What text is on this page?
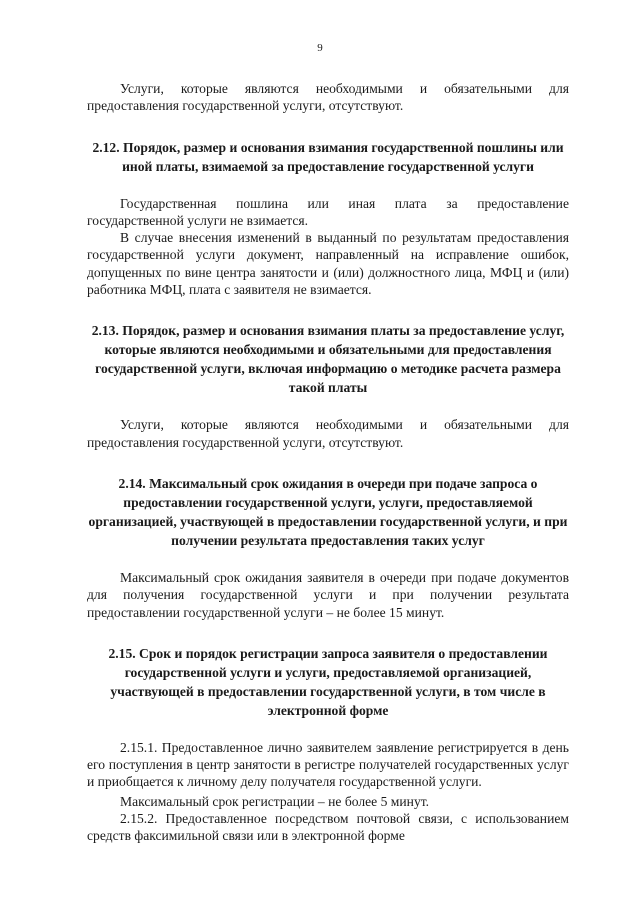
9

Услуги, которые являются необходимыми и обязательными для предоставления государственной услуги, отсутствуют.

2.12. Порядок, размер и основания взимания государственной пошлины или иной платы, взимаемой за предоставление государственной услуги

Государственная пошлина или иная плата за предоставление государственной услуги не взимается.

В случае внесения изменений в выданный по результатам предоставления государственной услуги документ, направленный на исправление ошибок, допущенных по вине центра занятости и (или) должностного лица, МФЦ и (или) работника МФЦ, плата с заявителя не взимается.

2.13. Порядок, размер и основания взимания платы за предоставление услуг, которые являются необходимыми и обязательными для предоставления государственной услуги, включая информацию о методике расчета размера такой платы

Услуги, которые являются необходимыми и обязательными для предоставления государственной услуги, отсутствуют.

2.14. Максимальный срок ожидания в очереди при подаче запроса о предоставлении государственной услуги, услуги, предоставляемой организацией, участвующей в предоставлении государственной услуги, и при получении результата предоставления таких услуг

Максимальный срок ожидания заявителя в очереди при подаче документов для получения государственной услуги и при получении результата предоставлении государственной услуги – не более 15 минут.

2.15. Срок и порядок регистрации запроса заявителя о предоставлении государственной услуги и услуги, предоставляемой организацией, участвующей в предоставлении государственной услуги, в том числе в электронной форме

2.15.1. Предоставленное лично заявителем заявление регистрируется в день его поступления в центр занятости в регистре получателей государственных услуг и приобщается к личному делу получателя государственной услуги.

Максимальный срок регистрации – не более 5 минут.

2.15.2. Предоставленное посредством почтовой связи, с использованием средств факсимильной связи или в электронной форме
